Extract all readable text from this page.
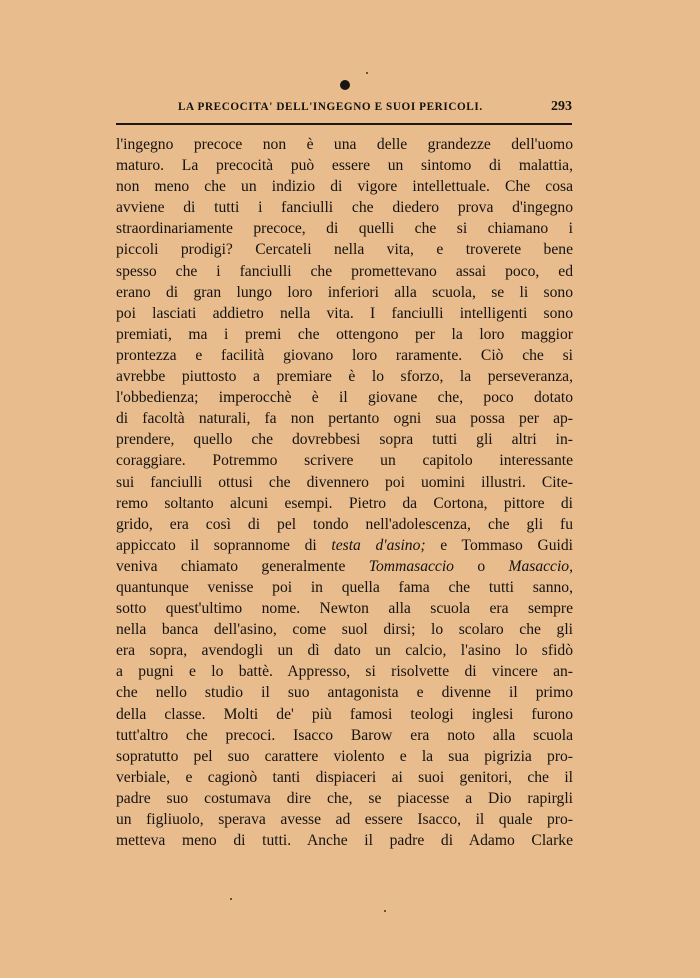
LA PRECOCITA' DELL'INGEGNO E SUOI PERICOLI.	293
l'ingegno precoce non è una delle grandezze dell'uomo
maturo. La precocità può essere un sintomo di malattia,
non meno che un indizio di vigore intellettuale. Che cosa
avviene di tutti i fanciulli che diedero prova d'ingegno
straordinariamente precoce, di quelli che si chiamano i
piccoli prodigi? Cercateli nella vita, e troverete bene
spesso che i fanciulli che promettevano assai poco, ed
erano di gran lungo loro inferiori alla scuola, se li sono
poi lasciati addietro nella vita. I fanciulli intelligenti sono
premiati, ma i premi che ottengono per la loro maggior
prontezza e facilità giovano loro raramente. Ciò che si
avrebbe piuttosto a premiare è lo sforzo, la perseveranza,
l'obbedienza; imperocchè è il giovane che, poco dotato
di facoltà naturali, fa non pertanto ogni sua possa per ap-
prendere, quello che dovrebbesi sopra tutti gli altri in-
coraggiare. Potremmo scrivere un capitolo interessante
sui fanciulli ottusi che divennero poi uomini illustri. Cite-
remo soltanto alcuni esempi. Pietro da Cortona, pittore di
grido, era così di pel tondo nell'adolescenza, che gli fu
appiccato il soprannome di testa d'asino; e Tommaso Guidi
veniva chiamato generalmente Tommasaccio o Masaccio,
quantunque venisse poi in quella fama che tutti sanno,
sotto quest'ultimo nome. Newton alla scuola era sempre
nella banca dell'asino, come suol dirsi; lo scolaro che gli
era sopra, avendogli un dì dato un calcio, l'asino lo sfidò
a pugni e lo battè. Appresso, si risolvette di vincere an-
che nello studio il suo antagonista e divenne il primo
della classe. Molti de' più famosi teologi inglesi furono
tutt'altro che precoci. Isacco Barow era noto alla scuola
sopratutto pel suo carattere violento e la sua pigrizia pro-
verbiale, e cagionò tanti dispiaceri ai suoi genitori, che il
padre suo costumava dire che, se piacesse a Dio rapirgli
un figliuolo, sperava avesse ad essere Isacco, il quale pro-
metteva meno di tutti. Anche il padre di Adamo Clarke
